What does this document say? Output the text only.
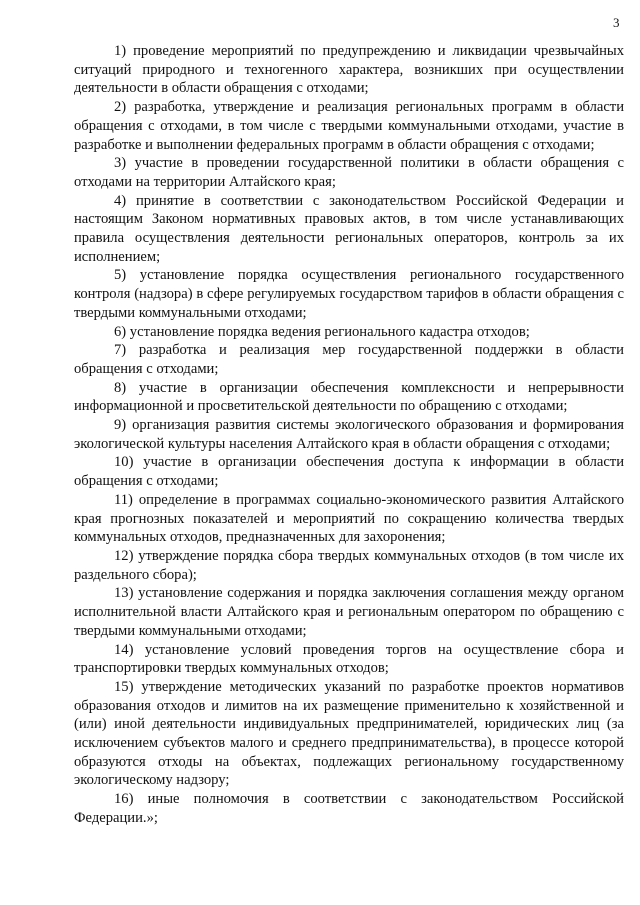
3

1) проведение мероприятий по предупреждению и ликвидации чрезвычайных ситуаций природного и техногенного характера, возникших при осуществлении деятельности в области обращения с отходами;

2) разработка, утверждение и реализация региональных программ в области обращения с отходами, в том числе с твердыми коммунальными отходами, участие в разработке и выполнении федеральных программ в области обращения с отходами;

3) участие в проведении государственной политики в области обращения с отходами на территории Алтайского края;

4) принятие в соответствии с законодательством Российской Федерации и настоящим Законом нормативных правовых актов, в том числе устанавливающих правила осуществления деятельности региональных операторов, контроль за их исполнением;

5) установление порядка осуществления регионального государственного контроля (надзора) в сфере регулируемых государством тарифов в области обращения с твердыми коммунальными отходами;

6) установление порядка ведения регионального кадастра отходов;

7) разработка и реализация мер государственной поддержки в области обращения с отходами;

8) участие в организации обеспечения комплексности и непрерывности информационной и просветительской деятельности по обращению с отходами;

9) организация развития системы экологического образования и формирования экологической культуры населения Алтайского края в области обращения с отходами;

10) участие в организации обеспечения доступа к информации в области обращения с отходами;

11) определение в программах социально-экономического развития Алтайского края прогнозных показателей и мероприятий по сокращению количества твердых коммунальных отходов, предназначенных для захоронения;

12) утверждение порядка сбора твердых коммунальных отходов (в том числе их раздельного сбора);

13) установление содержания и порядка заключения соглашения между органом исполнительной власти Алтайского края и региональным оператором по обращению с твердыми коммунальными отходами;

14) установление условий проведения торгов на осуществление сбора и транспортировки твердых коммунальных отходов;

15) утверждение методических указаний по разработке проектов нормативов образования отходов и лимитов на их размещение применительно к хозяйственной и (или) иной деятельности индивидуальных предпринимателей, юридических лиц (за исключением субъектов малого и среднего предпринимательства), в процессе которой образуются отходы на объектах, подлежащих региональному государственному экологическому надзору;

16) иные полномочия в соответствии с законодательством Российской Федерации.»;
